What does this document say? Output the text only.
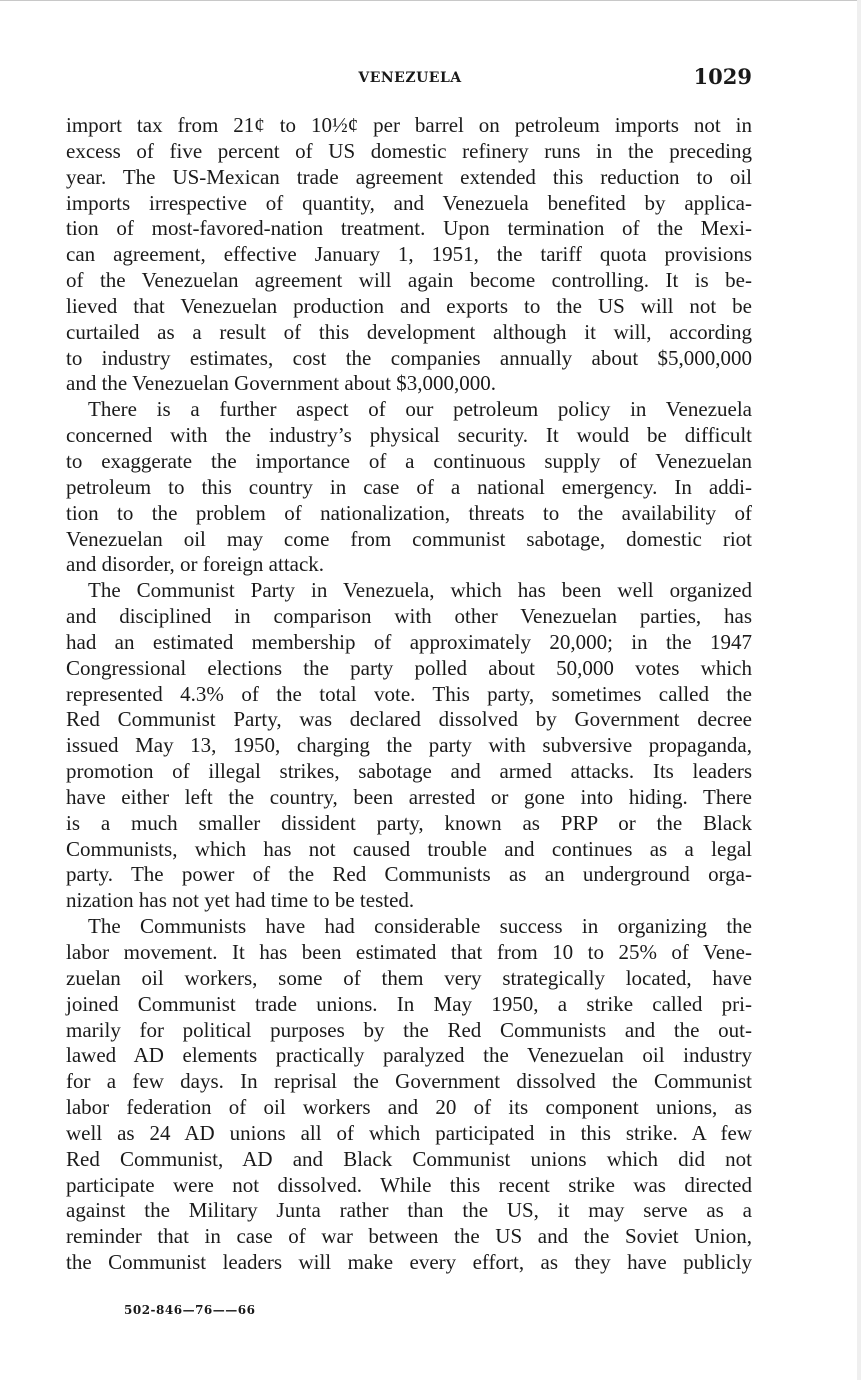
VENEZUELA	1029
import tax from 21¢ to 10½¢ per barrel on petroleum imports not in
excess of five percent of US domestic refinery runs in the preceding
year. The US-Mexican trade agreement extended this reduction to oil
imports irrespective of quantity, and Venezuela benefited by applica-
tion of most-favored-nation treatment. Upon termination of the Mexi-
can agreement, effective January 1, 1951, the tariff quota provisions
of the Venezuelan agreement will again become controlling. It is be-
lieved that Venezuelan production and exports to the US will not be
curtailed as a result of this development although it will, according
to industry estimates, cost the companies annually about $5,000,000
and the Venezuelan Government about $3,000,000.
There is a further aspect of our petroleum policy in Venezuela
concerned with the industry’s physical security. It would be difficult
to exaggerate the importance of a continuous supply of Venezuelan
petroleum to this country in case of a national emergency. In addi-
tion to the problem of nationalization, threats to the availability of
Venezuelan oil may come from communist sabotage, domestic riot
and disorder, or foreign attack.
The Communist Party in Venezuela, which has been well organized
and disciplined in comparison with other Venezuelan parties, has
had an estimated membership of approximately 20,000; in the 1947
Congressional elections the party polled about 50,000 votes which
represented 4.3% of the total vote. This party, sometimes called the
Red Communist Party, was declared dissolved by Government decree
issued May 13, 1950, charging the party with subversive propaganda,
promotion of illegal strikes, sabotage and armed attacks. Its leaders
have either left the country, been arrested or gone into hiding. There
is a much smaller dissident party, known as PRP or the Black
Communists, which has not caused trouble and continues as a legal
party. The power of the Red Communists as an underground orga-
nization has not yet had time to be tested.
The Communists have had considerable success in organizing the
labor movement. It has been estimated that from 10 to 25% of Vene-
zuelan oil workers, some of them very strategically located, have
joined Communist trade unions. In May 1950, a strike called pri-
marily for political purposes by the Red Communists and the out-
lawed AD elements practically paralyzed the Venezuelan oil industry
for a few days. In reprisal the Government dissolved the Communist
labor federation of oil workers and 20 of its component unions, as
well as 24 AD unions all of which participated in this strike. A few
Red Communist, AD and Black Communist unions which did not
participate were not dissolved. While this recent strike was directed
against the Military Junta rather than the US, it may serve as a
reminder that in case of war between the US and the Soviet Union,
the Communist leaders will make every effort, as they have publicly
502-846—76——66
